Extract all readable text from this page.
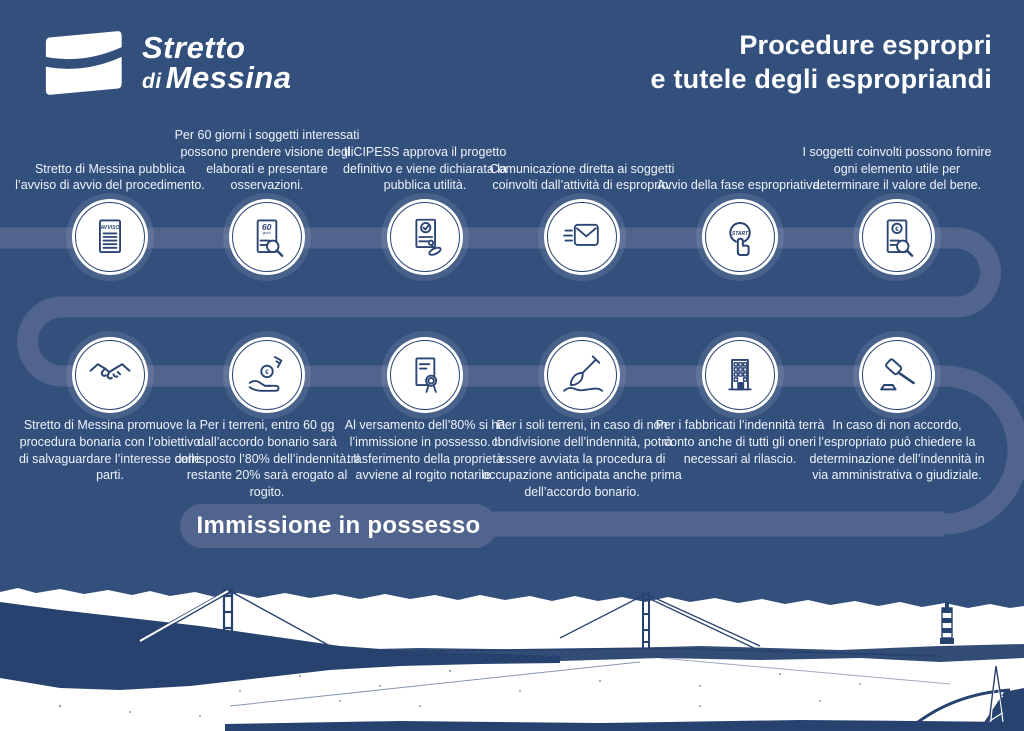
Stretto
di Messina
Procedure espropri
e tutele degli espropriandi
Stretto di Messina pubblica l’avviso di avvio del procedimento.
Per 60 giorni i soggetti interessati possono prendere visione degli elaborati e presentare osservazioni.
Il CIPESS approva il progetto definitivo e viene dichiarata la pubblica utilità.
Comunicazione diretta ai soggetti coinvolti dall’attività di esproprio.
Avvio della fase espropriativa.
I soggetti coinvolti possono fornire ogni elemento utile per determinare il valore del bene.
AVVISO	60
giorni	START
€
€
Stretto di Messina promuove la procedura bonaria con l’obiettivo di salvaguardare l’interesse delle parti.
Per i terreni, entro 60 gg dall’accordo bonario sarà corrisposto l’80% dell’indennità. Il restante 20% sarà erogato al rogito.
Al versamento dell’80% si ha l’immissione in possesso. Il trasferimento della proprietà avviene al rogito notarile.
Per i soli terreni, in caso di non condivisione dell’indennità, potrà essere avviata la procedura di occupazione anticipata anche prima dell’accordo bonario.
Per i fabbricati l’indennità terrà conto anche di tutti gli oneri necessari al rilascio.
In caso di non accordo, l’espropriato può chiedere la determinazione dell’indennità in via amministrativa o giudiziale.
Immissione in possesso
